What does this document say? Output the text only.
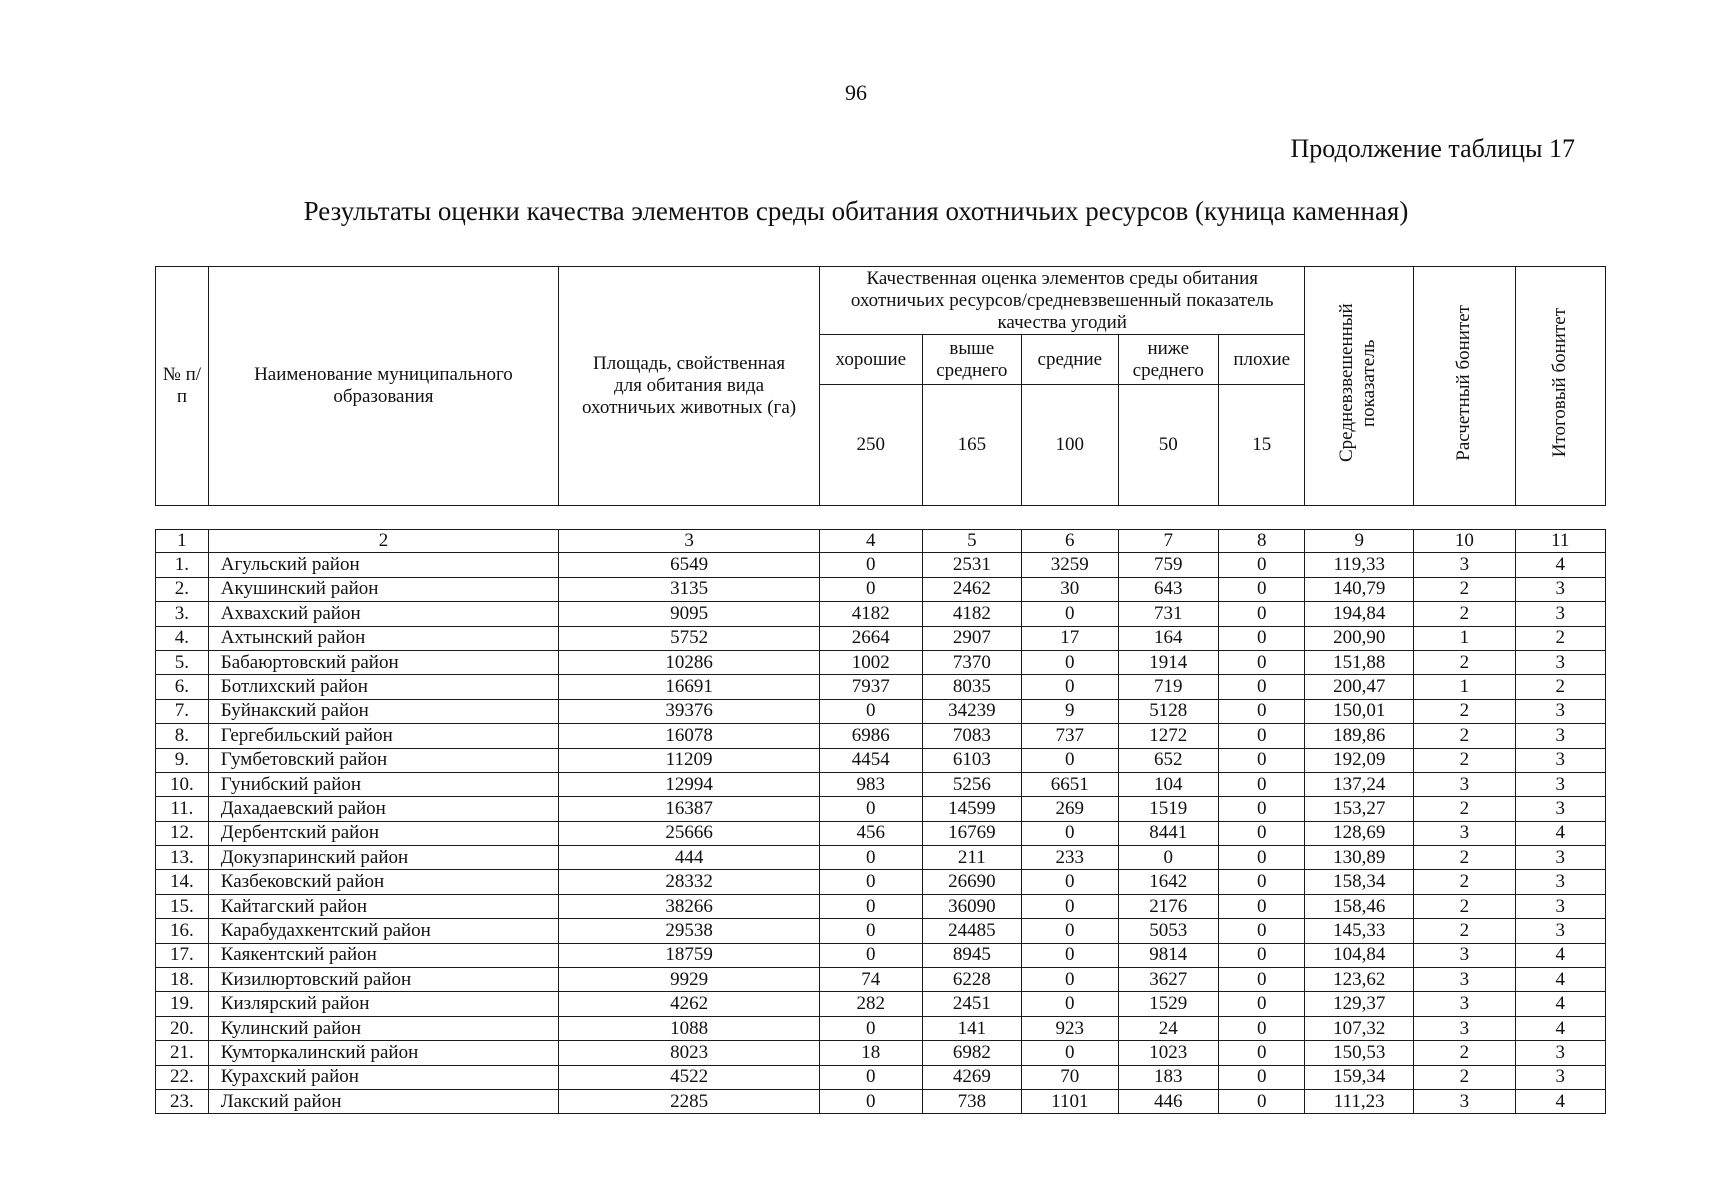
96
Продолжение таблицы 17
Результаты оценки качества элементов среды обитания охотничьих ресурсов (куница каменная)
№ п/п	Наименование муниципального образования	Площадь, свойственная для обитания вида охотничьих животных (га)	Качественная оценка элементов среды обитания охотничьих ресурсов/средневзвешенный показатель качества угодий					Средневзвешенный показатель	Расчетный бонитет	Итоговый бонитет
			хорошие	выше среднего	средние	ниже среднего	плохие			
			250	165	100	50	15			

1	2	3	4	5	6	7	8	9	10	11
1.	Агульский район	6549	0	2531	3259	759	0	119,33	3	4
2.	Акушинский район	3135	0	2462	30	643	0	140,79	2	3
3.	Ахвахский район	9095	4182	4182	0	731	0	194,84	2	3
4.	Ахтынский район	5752	2664	2907	17	164	0	200,90	1	2
5.	Бабаюртовский район	10286	1002	7370	0	1914	0	151,88	2	3
6.	Ботлихский район	16691	7937	8035	0	719	0	200,47	1	2
7.	Буйнакский район	39376	0	34239	9	5128	0	150,01	2	3
8.	Гергебильский район	16078	6986	7083	737	1272	0	189,86	2	3
9.	Гумбетовский район	11209	4454	6103	0	652	0	192,09	2	3
10.	Гунибский район	12994	983	5256	6651	104	0	137,24	3	3
11.	Дахадаевский район	16387	0	14599	269	1519	0	153,27	2	3
12.	Дербентский район	25666	456	16769	0	8441	0	128,69	3	4
13.	Докузпаринский район	444	0	211	233	0	0	130,89	2	3
14.	Казбековский район	28332	0	26690	0	1642	0	158,34	2	3
15.	Кайтагский район	38266	0	36090	0	2176	0	158,46	2	3
16.	Карабудахкентский район	29538	0	24485	0	5053	0	145,33	2	3
17.	Каякентский район	18759	0	8945	0	9814	0	104,84	3	4
18.	Кизилюртовский район	9929	74	6228	0	3627	0	123,62	3	4
19.	Кизлярский район	4262	282	2451	0	1529	0	129,37	3	4
20.	Кулинский район	1088	0	141	923	24	0	107,32	3	4
21.	Кумторкалинский район	8023	18	6982	0	1023	0	150,53	2	3
22.	Курахский район	4522	0	4269	70	183	0	159,34	2	3
23.	Лакский район	2285	0	738	1101	446	0	111,23	3	4
